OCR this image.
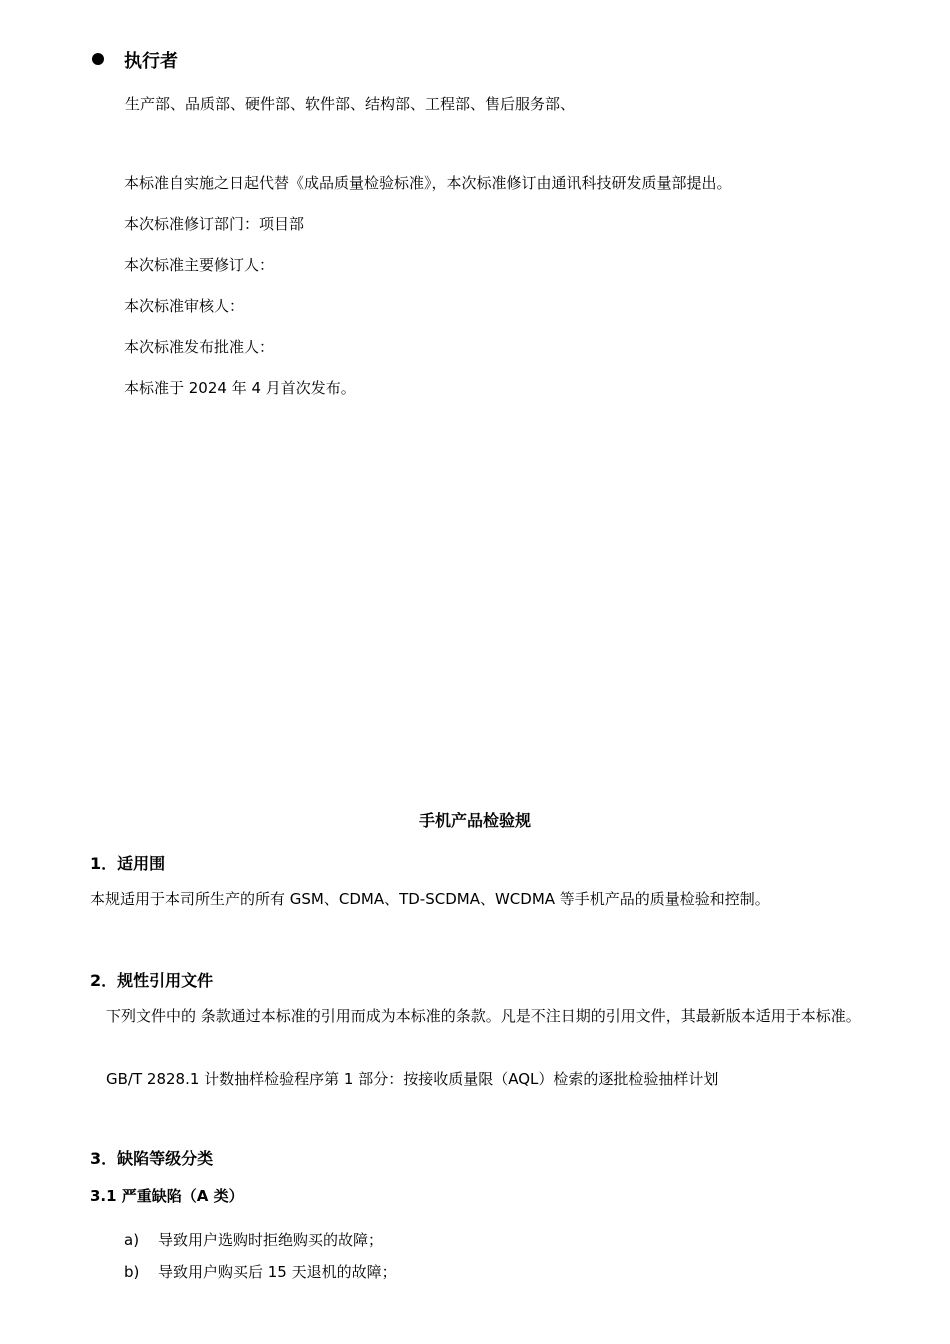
执行者
生产部、品质部、硬件部、软件部、结构部、工程部、售后服务部、
本标准自实施之日起代替《成品质量检验标准》，本次标准修订由通讯科技研发质量部提出。
本次标准修订部门：项目部
本次标准主要修订人：
本次标准审核人：
本次标准发布批准人：
本标准于 2024 年 4 月首次发布。
手机产品检验规
1．适用围
本规适用于本司所生产的所有 GSM、CDMA、TD-SCDMA、WCDMA 等手机产品的质量检验和控制。
2．规性引用文件
下列文件中的 条款通过本标准的引用而成为本标准的条款。凡是不注日期的引用文件，其最新版本适用于本标准。
GB/T 2828.1 计数抽样检验程序第 1 部分：按接收质量限（AQL）检索的逐批检验抽样计划
3．缺陷等级分类
3.1 严重缺陷（A 类）
a) 导致用户选购时拒绝购买的故障；
b) 导致用户购买后 15 天退机的故障；
